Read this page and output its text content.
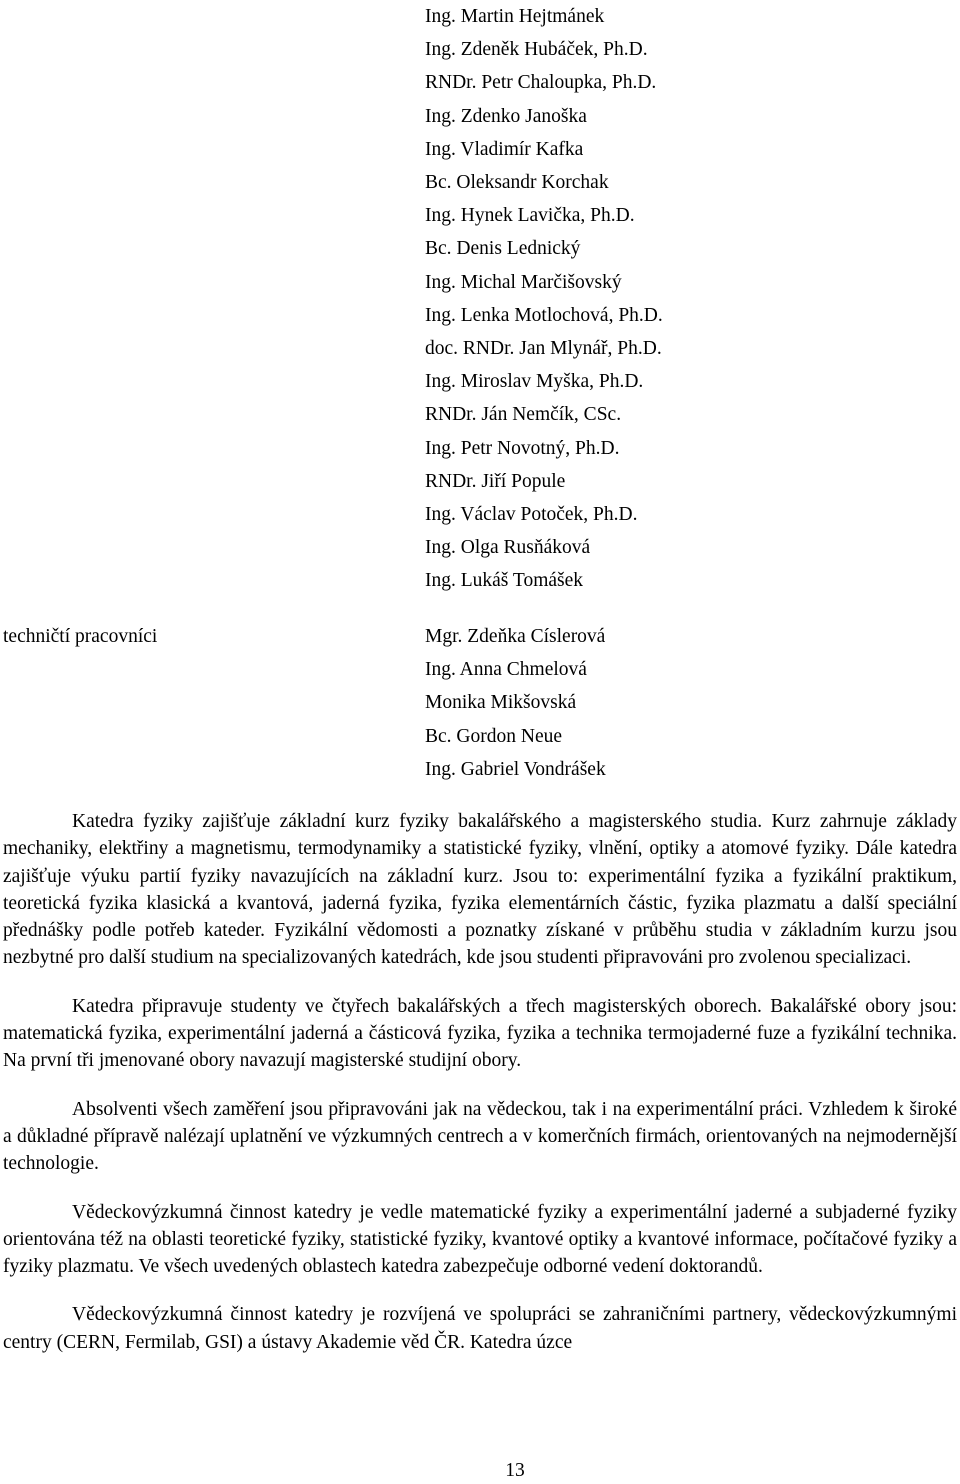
Ing. Martin Hejtmánek
Ing. Zdeněk Hubáček, Ph.D.
RNDr. Petr Chaloupka, Ph.D.
Ing. Zdenko Janoška
Ing. Vladimír Kafka
Bc. Oleksandr Korchak
Ing. Hynek Lavička, Ph.D.
Bc. Denis Lednický
Ing. Michal Marčišovský
Ing. Lenka Motlochová, Ph.D.
doc. RNDr. Jan Mlynář, Ph.D.
Ing. Miroslav Myška, Ph.D.
RNDr. Ján Nemčík, CSc.
Ing. Petr Novotný, Ph.D.
RNDr. Jiří Popule
Ing. Václav Potoček, Ph.D.
Ing. Olga Rusňáková
Ing. Lukáš Tomášek
techničtí pracovníci	Mgr. Zdeňka Císlerová
Ing. Anna Chmelová
Monika Mikšovská
Bc. Gordon Neue
Ing. Gabriel Vondrášek

Katedra fyziky zajišťuje základní kurz fyziky bakalářského a magisterského studia. Kurz zahrnuje základy mechaniky, elektřiny a magnetismu, termodynamiky a statistické fyziky, vlnění, optiky a atomové fyziky. Dále katedra zajišťuje výuku partií fyziky navazujících na základní kurz. Jsou to: experimentální fyzika a fyzikální praktikum, teoretická fyzika klasická a kvantová, jaderná fyzika, fyzika elementárních částic, fyzika plazmatu a další speciální přednášky podle potřeb kateder. Fyzikální vědomosti a poznatky získané v průběhu studia v základním kurzu jsou nezbytné pro další studium na specializovaných katedrách, kde jsou studenti připravováni pro zvolenou specializaci.

Katedra připravuje studenty ve čtyřech bakalářských a třech magisterských oborech. Bakalářské obory jsou: matematická fyzika, experimentální jaderná a částicová fyzika, fyzika a technika termojaderné fuze a fyzikální technika. Na první tři jmenované obory navazují magisterské studijní obory.

Absolventi všech zaměření jsou připravováni jak na vědeckou, tak i na experimentální práci. Vzhledem k široké a důkladné přípravě nalézají uplatnění ve výzkumných centrech a v komerčních firmách, orientovaných na nejmodernější technologie.

Vědeckovýzkumná činnost katedry je vedle matematické fyziky a experimentální jaderné a subjaderné fyziky orientována též na oblasti teoretické fyziky, statistické fyziky, kvantové optiky a kvantové informace, počítačové fyziky a fyziky plazmatu. Ve všech uvedených oblastech katedra zabezpečuje odborné vedení doktorandů.

Vědeckovýzkumná činnost katedry je rozvíjená ve spolupráci se zahraničními partnery, vědeckovýzkumnými centry (CERN, Fermilab, GSI) a ústavy Akademie věd ČR. Katedra úzce

13
